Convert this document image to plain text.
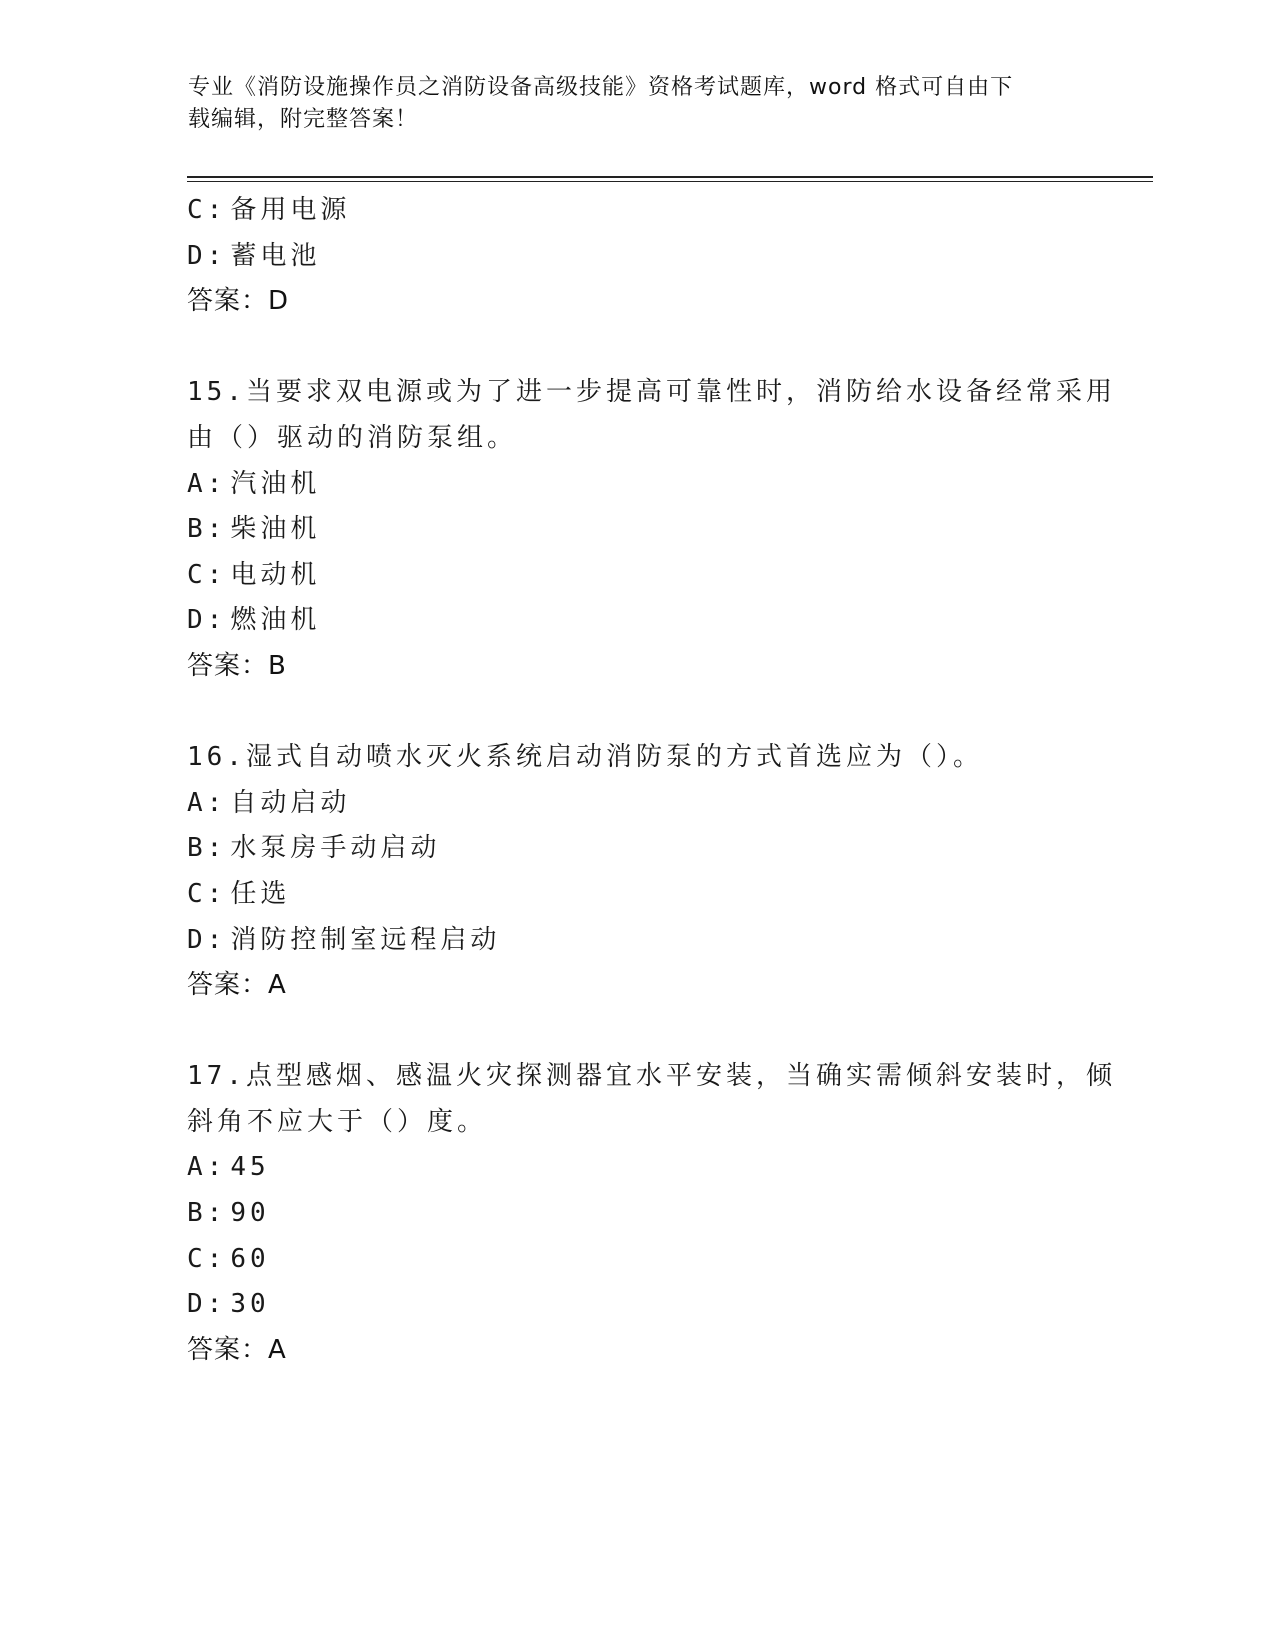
专业《消防设施操作员之消防设备高级技能》资格考试题库，word 格式可自由下
载编辑，附完整答案！
C: 备用电源
D: 蓄电池
答案：D
15.当要求双电源或为了进一步提高可靠性时，消防给水设备经常采用
由（）驱动的消防泵组。
A: 汽油机
B: 柴油机
C: 电动机
D: 燃油机
答案：B
16.湿式自动喷水灭火系统启动消防泵的方式首选应为（）。
A: 自动启动
B: 水泵房手动启动
C: 任选
D: 消防控制室远程启动
答案：A
17.点型感烟、感温火灾探测器宜水平安装，当确实需倾斜安装时，倾
斜角不应大于（）度。
A: 45
B: 90
C: 60
D: 30
答案：A
